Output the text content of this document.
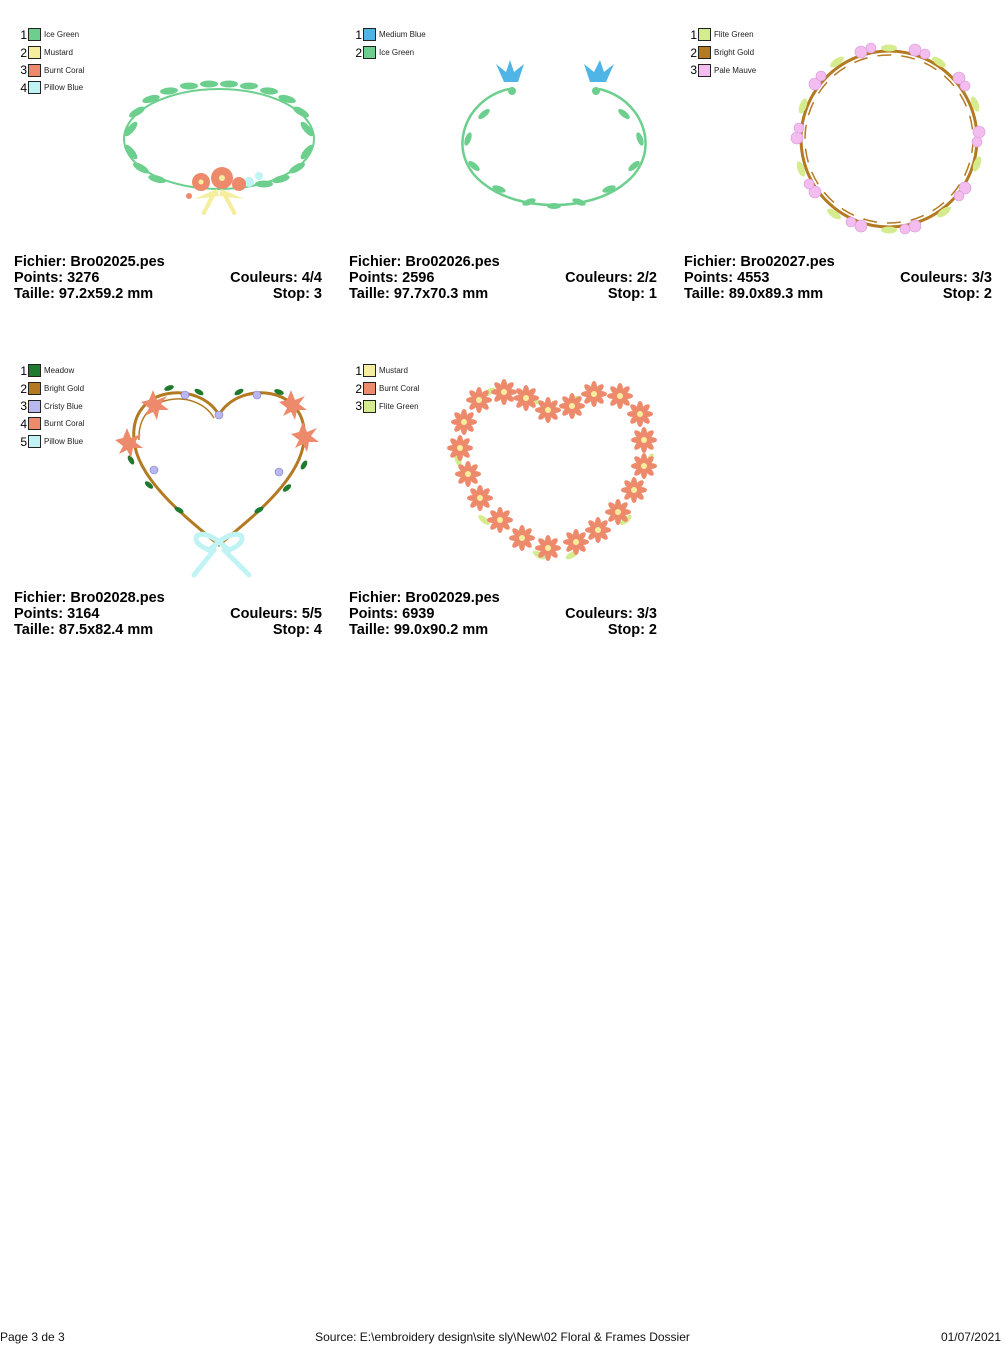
1 Ice Green
2 Mustard
3 Burnt Coral
4 Pillow Blue
Fichier: Bro02025.pes
Points: 3276	Couleurs: 4/4
Taille: 97.2x59.2 mm	Stop: 3
1 Medium Blue
2 Ice Green
Fichier: Bro02026.pes
Points: 2596	Couleurs: 2/2
Taille: 97.7x70.3 mm	Stop: 1
1 Flite Green
2 Bright Gold
3 Pale Mauve
Fichier: Bro02027.pes
Points: 4553	Couleurs: 3/3
Taille: 89.0x89.3 mm	Stop: 2
1 Meadow
2 Bright Gold
3 Cristy Blue
4 Burnt Coral
5 Pillow Blue
Fichier: Bro02028.pes
Points: 3164	Couleurs: 5/5
Taille: 87.5x82.4 mm	Stop: 4
1 Mustard
2 Burnt Coral
3 Flite Green
Fichier: Bro02029.pes
Points: 6939	Couleurs: 3/3
Taille: 99.0x90.2 mm	Stop: 2
Page 3 de 3	Source: E:\embroidery design\site sly\New\02 Floral & Frames Dossier	01/07/2021
